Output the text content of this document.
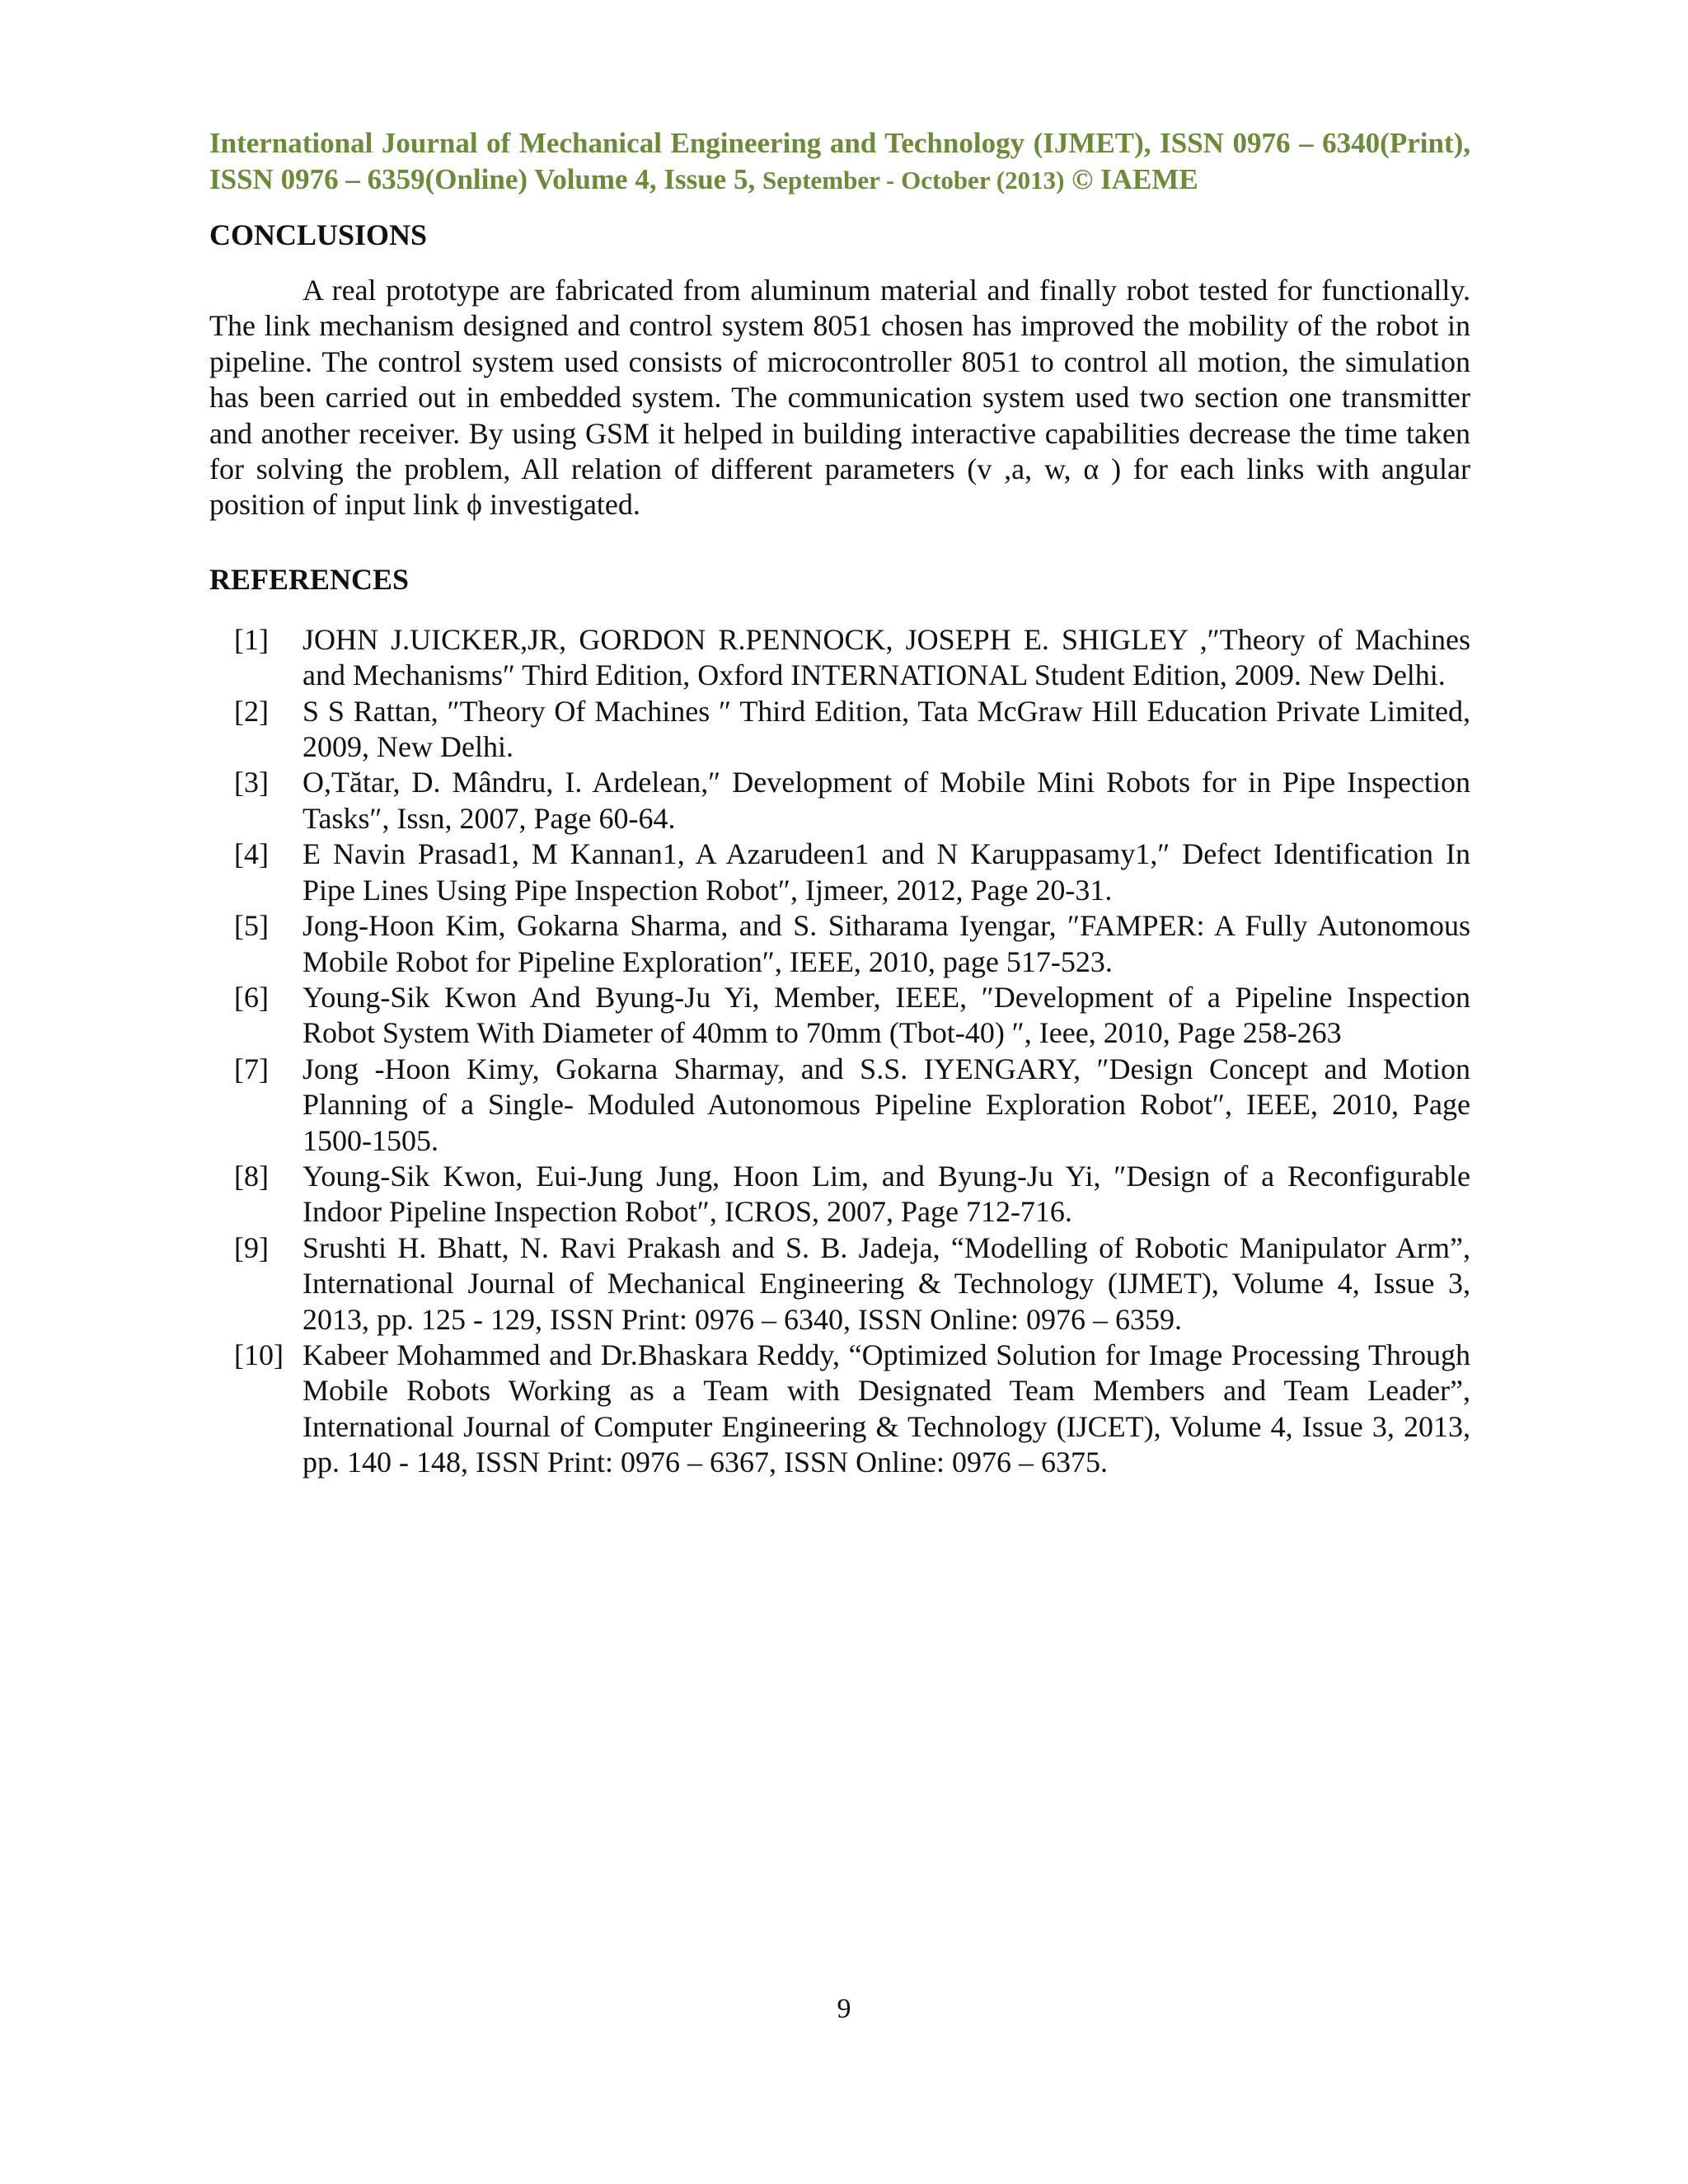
International Journal of Mechanical Engineering and Technology (IJMET), ISSN 0976 – 6340(Print), ISSN 0976 – 6359(Online) Volume 4, Issue 5, September - October (2013) © IAEME
CONCLUSIONS

A real prototype are fabricated from aluminum material and finally robot tested for functionally. The link mechanism designed and control system 8051 chosen has improved the mobility of the robot in pipeline. The control system used consists of microcontroller 8051 to control all motion, the simulation has been carried out in embedded system. The communication system used two section one transmitter and another receiver. By using GSM it helped in building interactive capabilities decrease the time taken for solving the problem, All relation of different parameters (v ,a, w, α ) for each links with angular position of input link ϕ investigated.

REFERENCES
[1]	JOHN J.UICKER,JR, GORDON R.PENNOCK, JOSEPH E. SHIGLEY ,″Theory of Machines and Mechanisms″ Third Edition, Oxford INTERNATIONAL Student Edition, 2009. New Delhi.
[2]	S S Rattan, ″Theory Of Machines ″ Third Edition, Tata McGraw Hill Education Private Limited, 2009, New Delhi.
[3]	O,Tătar, D. Mândru, I. Ardelean,″ Development of Mobile Mini Robots for in Pipe Inspection Tasks″, Issn, 2007, Page 60-64.
[4]	E Navin Prasad1, M Kannan1, A Azarudeen1 and N Karuppasamy1,″ Defect Identification In Pipe Lines Using Pipe Inspection Robot″, Ijmeer, 2012, Page 20-31.
[5]	Jong-Hoon Kim, Gokarna Sharma, and S. Sitharama Iyengar, ″FAMPER: A Fully Autonomous Mobile Robot for Pipeline Exploration″, IEEE, 2010, page 517-523.
[6]	Young-Sik Kwon And Byung-Ju Yi, Member, IEEE, ″Development of a Pipeline Inspection Robot System With Diameter of 40mm to 70mm (Tbot-40) ″, Ieee, 2010, Page 258-263
[7]	Jong -Hoon Kimy, Gokarna Sharmay, and S.S. IYENGARY, ″Design Concept and Motion Planning of a Single- Moduled Autonomous Pipeline Exploration Robot″, IEEE, 2010, Page 1500-1505.
[8]	Young-Sik Kwon, Eui-Jung Jung, Hoon Lim, and Byung-Ju Yi, ″Design of a Reconfigurable Indoor Pipeline Inspection Robot″, ICROS, 2007, Page 712-716.
[9]	Srushti H. Bhatt, N. Ravi Prakash and S. B. Jadeja, “Modelling of Robotic Manipulator Arm”, International Journal of Mechanical Engineering & Technology (IJMET), Volume 4, Issue 3, 2013, pp. 125 - 129, ISSN Print: 0976 – 6340, ISSN Online: 0976 – 6359.
[10] Kabeer Mohammed and Dr.Bhaskara Reddy, “Optimized Solution for Image Processing Through Mobile Robots Working as a Team with Designated Team Members and Team Leader”, International Journal of Computer Engineering & Technology (IJCET), Volume 4, Issue 3, 2013, pp. 140 - 148, ISSN Print: 0976 – 6367, ISSN Online: 0976 – 6375.
9
